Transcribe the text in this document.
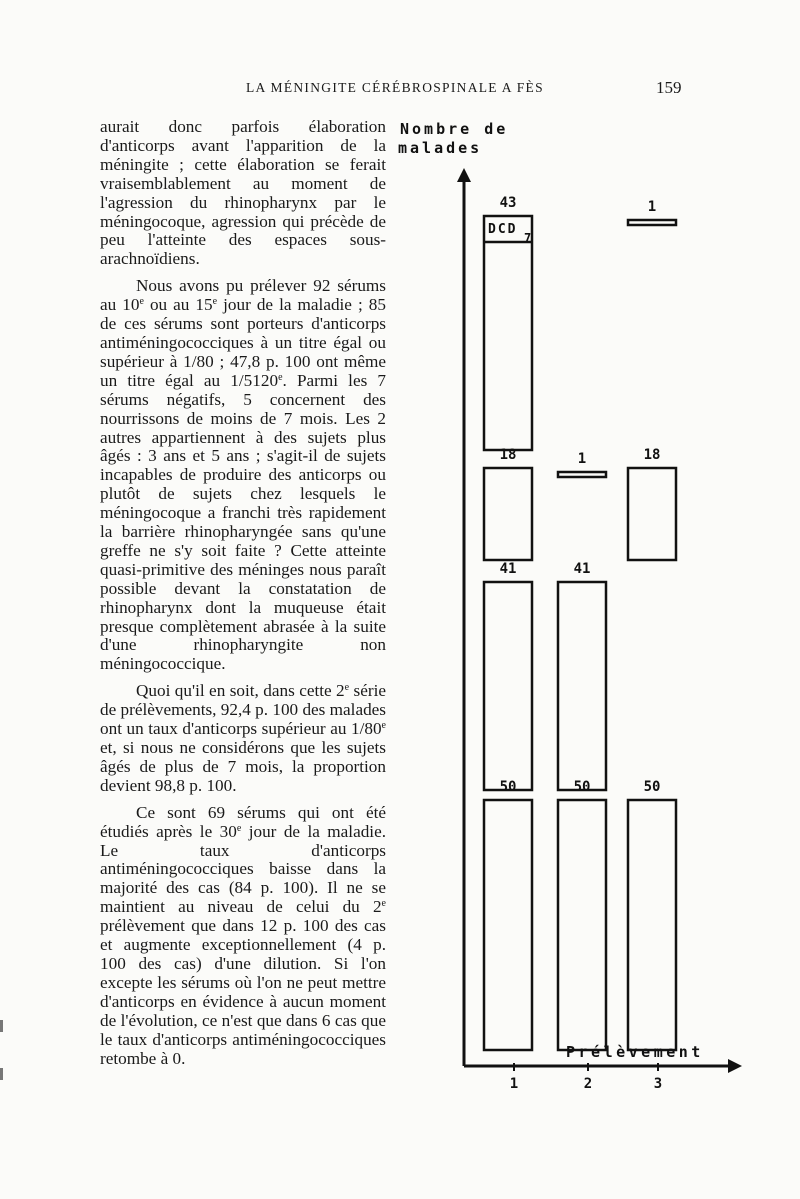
LA MÉNINGITE CÉRÉBROSPINALE A FÈS	159

aurait donc parfois élaboration d'anticorps avant l'apparition de la méningite ; cette élaboration se ferait vraisemblablement au moment de l'agression du rhinopharynx par le méningocoque, agression qui précède de peu l'atteinte des espaces sous-arachnoïdiens.

Nous avons pu prélever 92 sérums au 10e ou au 15e jour de la maladie ; 85 de ces sérums sont porteurs d'anticorps antiméningococciques à un titre égal ou supérieur à 1/80 ; 47,8 p. 100 ont même un titre égal au 1/5120e. Parmi les 7 sérums négatifs, 5 concernent des nourrissons de moins de 7 mois. Les 2 autres appartiennent à des sujets plus âgés : 3 ans et 5 ans ; s'agit-il de sujets incapables de produire des anticorps ou plutôt de sujets chez lesquels le méningocoque a franchi très rapidement la barrière rhinopharyngée sans qu'une greffe ne s'y soit faite ? Cette atteinte quasi-primitive des méninges nous paraît possible devant la constatation de rhinopharynx dont la muqueuse était presque complètement abrasée à la suite d'une rhinopharyngite non méningococcique.

Quoi qu'il en soit, dans cette 2e série de prélèvements, 92,4 p. 100 des malades ont un taux d'anticorps supérieur au 1/80e et, si nous ne considérons que les sujets âgés de plus de 7 mois, la proportion devient 98,8 p. 100.

Ce sont 69 sérums qui ont été étudiés après le 30e jour de la maladie. Le taux d'anticorps antiméningococciques baisse dans la majorité des cas (84 p. 100). Il ne se maintient au niveau de celui du 2e prélèvement que dans 12 p. 100 des cas et augmente exceptionnellement (4 p. 100 des cas) d'une dilution. Si l'on excepte les sérums où l'on ne peut mettre d'anticorps en évidence à aucun moment de l'évolution, ce n'est que dans 6 cas que le taux d'anticorps antiméningococciques retombe à 0.

Nombre de
malades
Prélèvement
1	2	3
50	50	50
41	41
18	1	18
43	1
DCD
7
